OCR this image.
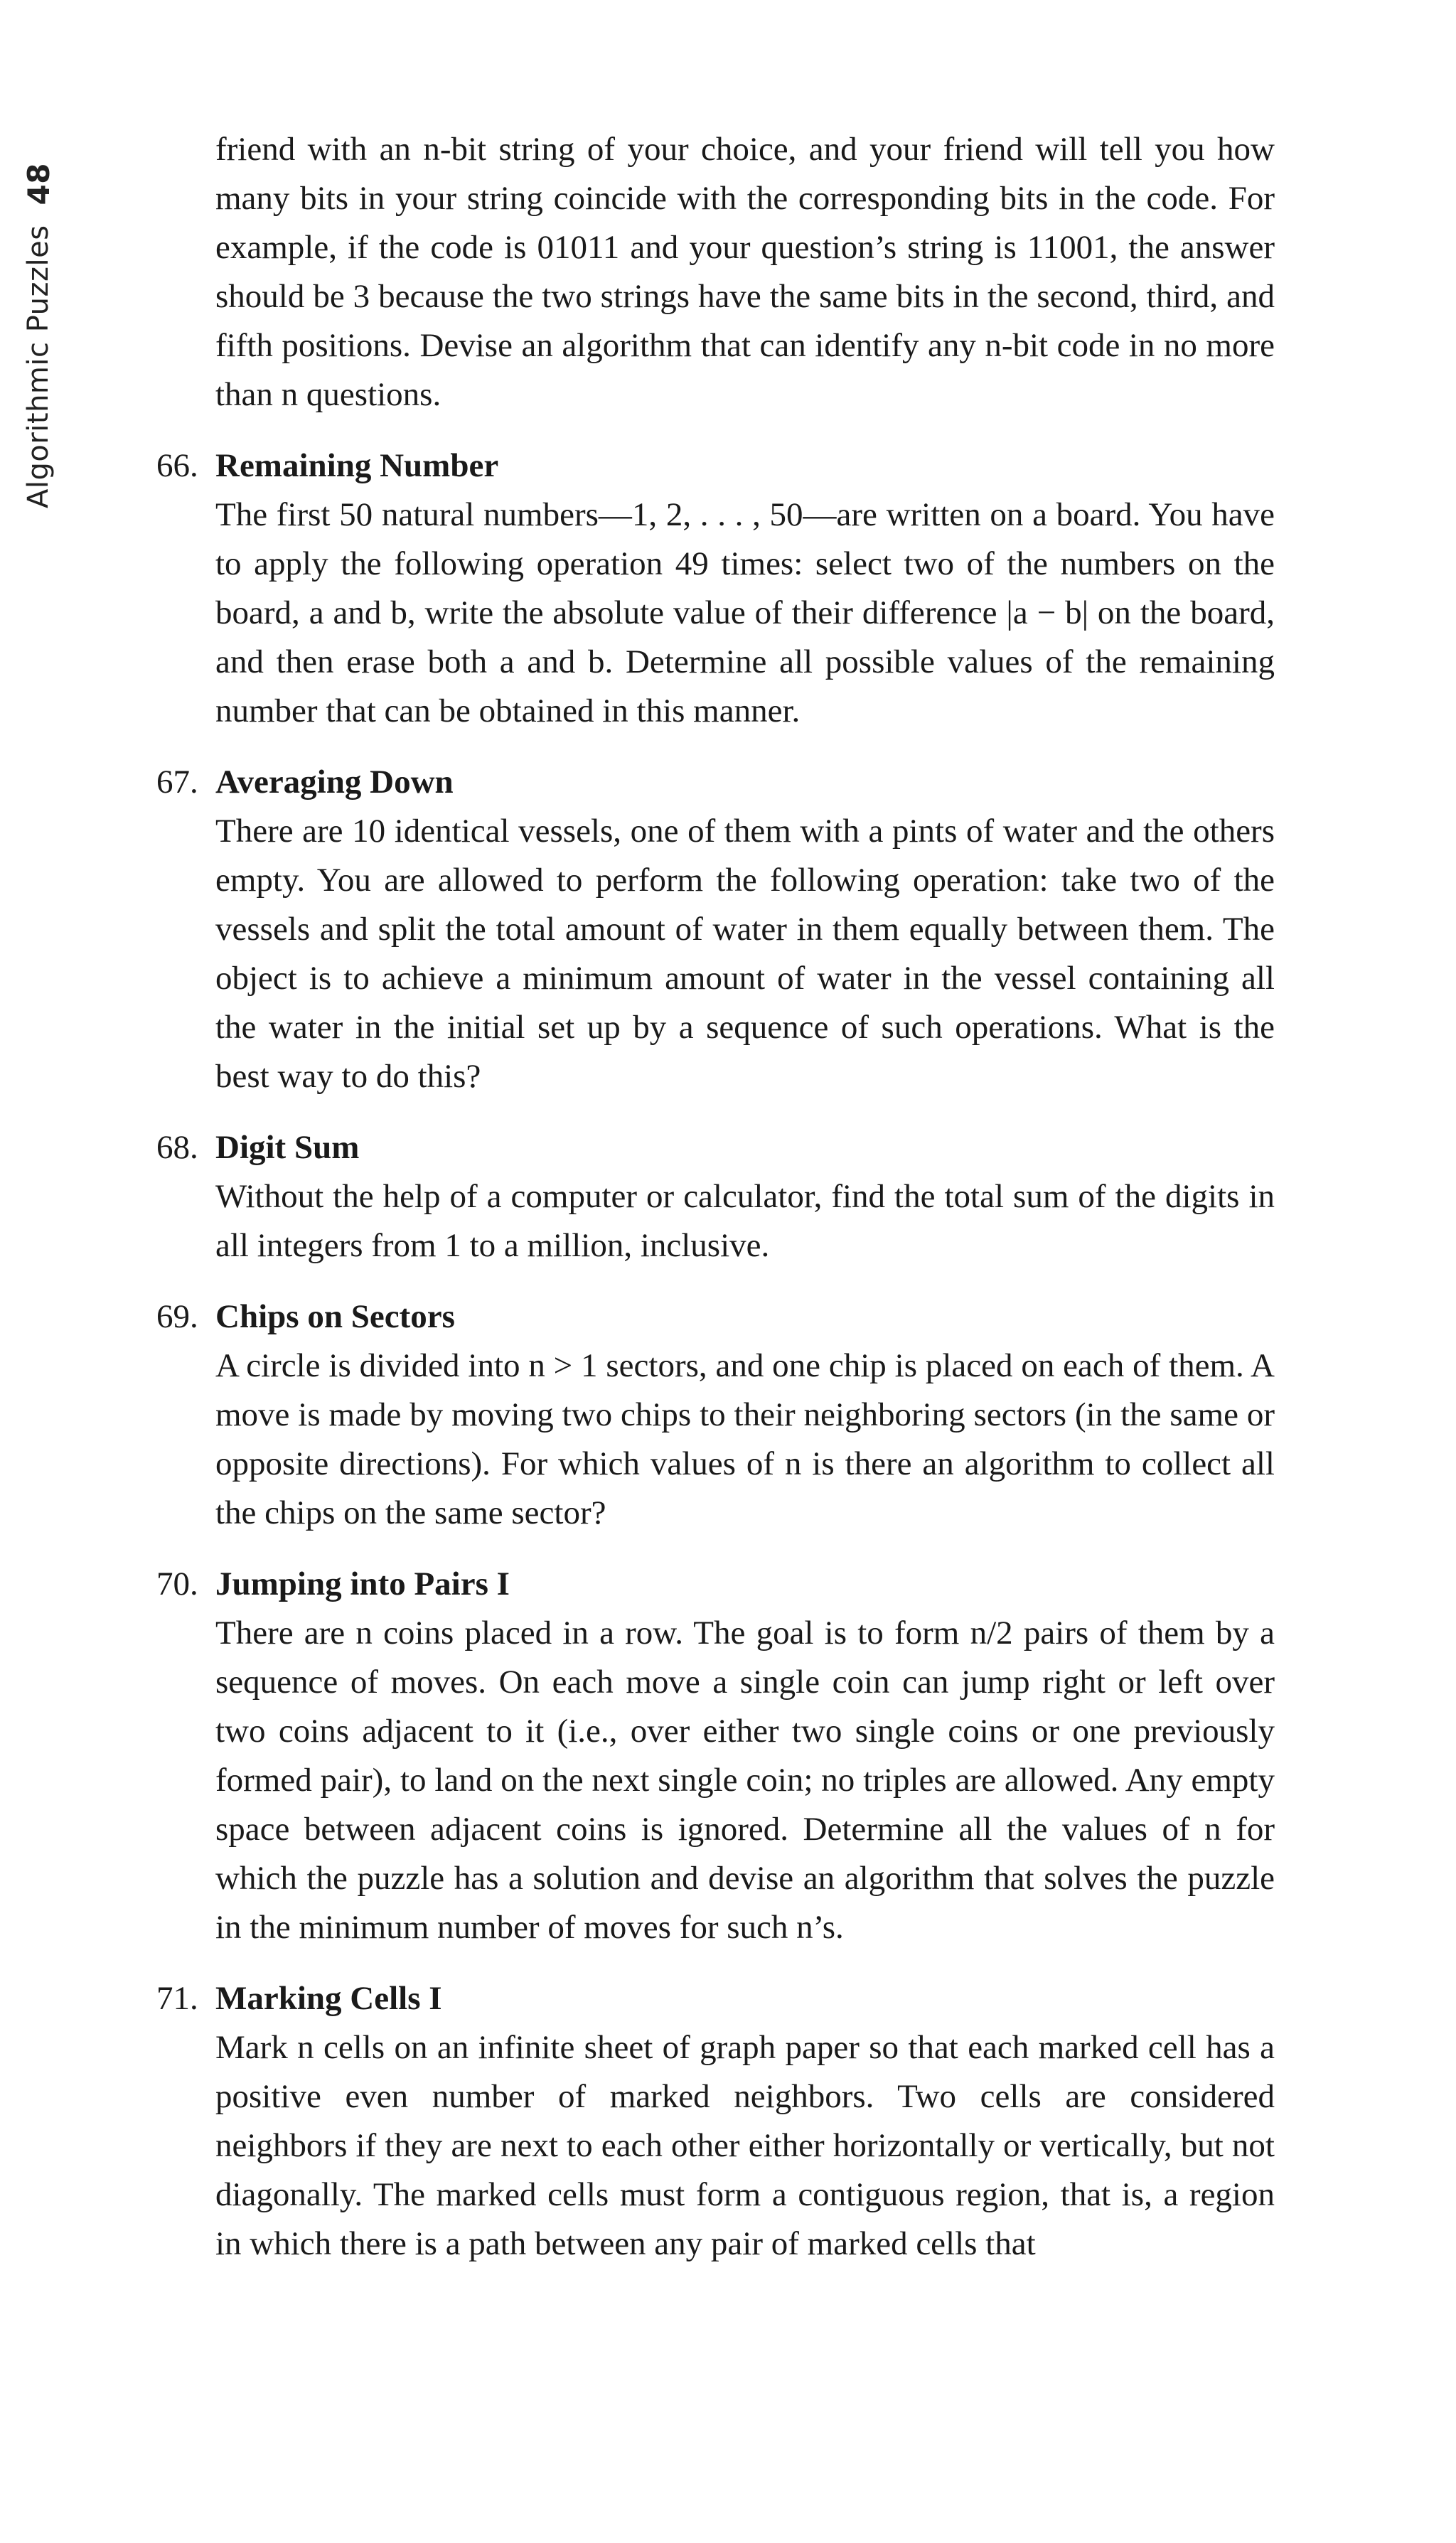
Algorithmic Puzzles
48

friend with an n-bit string of your choice, and your friend will tell you how many bits in your string coincide with the corresponding bits in the code. For example, if the code is 01011 and your question’s string is 11001, the answer should be 3 because the two strings have the same bits in the second, third, and fifth positions. Devise an algorithm that can identify any n-bit code in no more than n questions.

66. Remaining Number

The first 50 natural numbers—1, 2, . . . , 50—are written on a board. You have to apply the following operation 49 times: select two of the numbers on the board, a and b, write the absolute value of their difference |a − b| on the board, and then erase both a and b. Determine all possible values of the remaining number that can be obtained in this manner.

67. Averaging Down

There are 10 identical vessels, one of them with a pints of water and the others empty. You are allowed to perform the following operation: take two of the vessels and split the total amount of water in them equally between them. The object is to achieve a minimum amount of water in the vessel containing all the water in the initial set up by a sequence of such operations. What is the best way to do this?

68. Digit Sum

Without the help of a computer or calculator, find the total sum of the digits in all integers from 1 to a million, inclusive.

69. Chips on Sectors

A circle is divided into n > 1 sectors, and one chip is placed on each of them. A move is made by moving two chips to their neighboring sectors (in the same or opposite directions). For which values of n is there an algorithm to collect all the chips on the same sector?

70. Jumping into Pairs I

There are n coins placed in a row. The goal is to form n/2 pairs of them by a sequence of moves. On each move a single coin can jump right or left over two coins adjacent to it (i.e., over either two single coins or one previously formed pair), to land on the next single coin; no triples are allowed. Any empty space between adjacent coins is ignored. Determine all the values of n for which the puzzle has a solution and devise an algorithm that solves the puzzle in the minimum number of moves for such n’s.

71. Marking Cells I

Mark n cells on an infinite sheet of graph paper so that each marked cell has a positive even number of marked neighbors. Two cells are considered neighbors if they are next to each other either horizontally or vertically, but not diagonally. The marked cells must form a contiguous region, that is, a region in which there is a path between any pair of marked cells that
